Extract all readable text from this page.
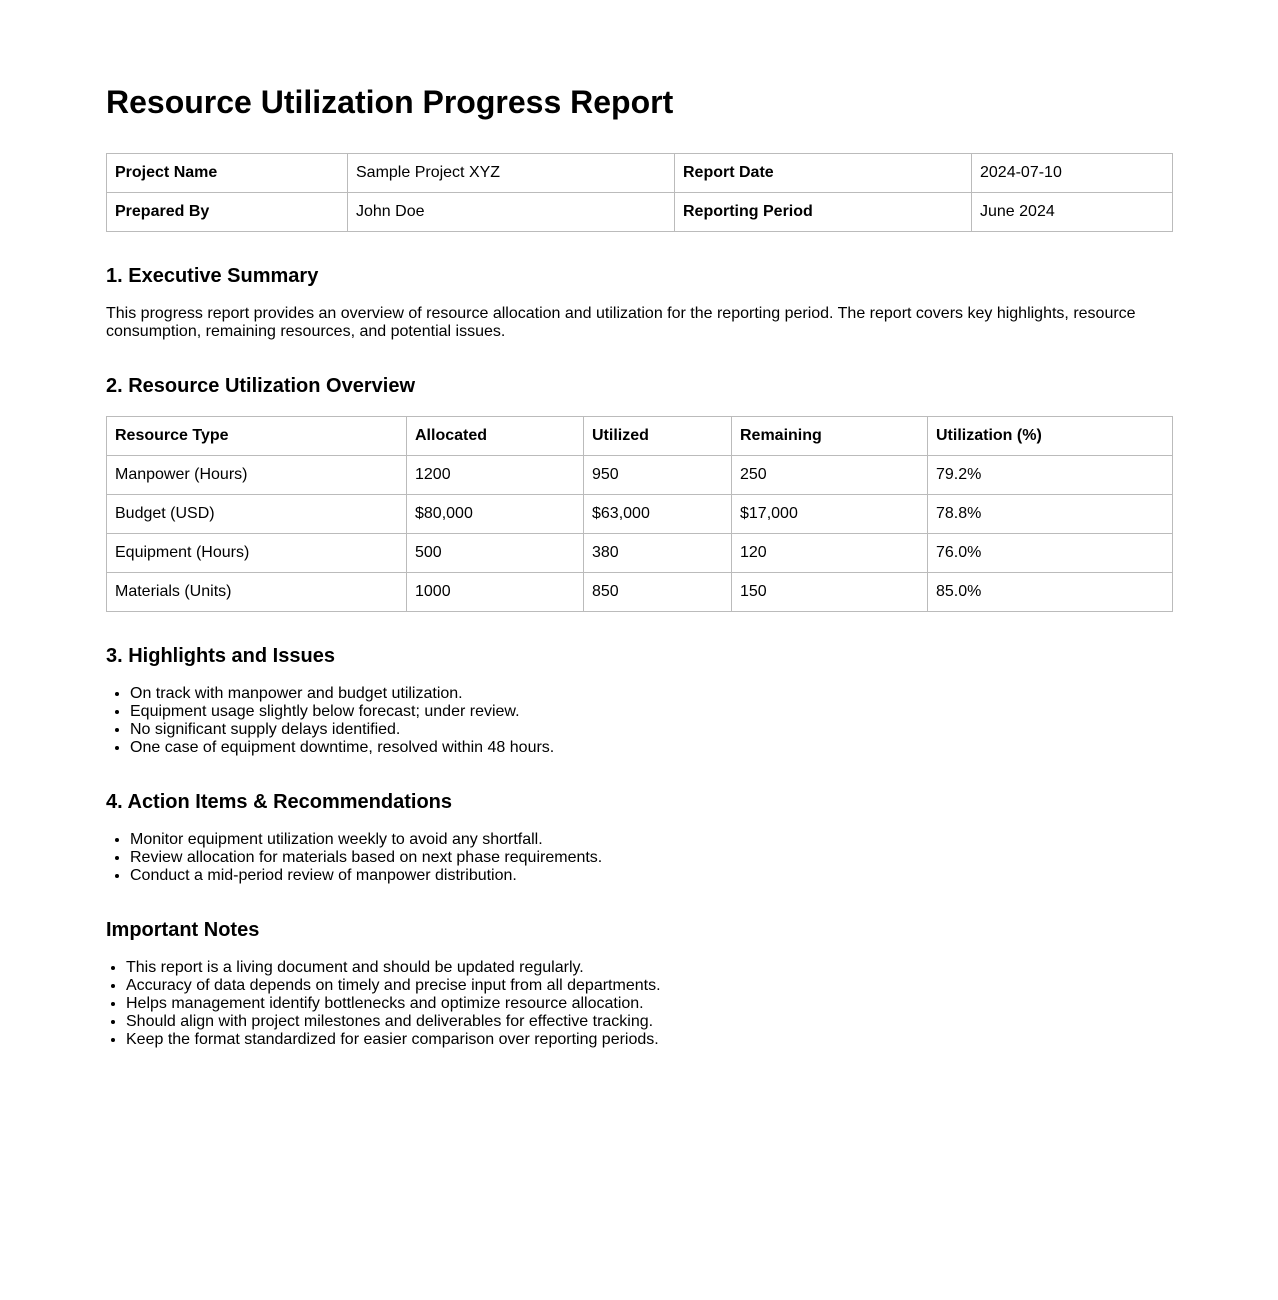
Resource Utilization Progress Report
Project Name	Sample Project XYZ	Report Date	2024-07-10
Prepared By	John Doe	Reporting Period	June 2024
1. Executive Summary

This progress report provides an overview of resource allocation and utilization for the reporting period. The report covers key highlights, resource consumption, remaining resources, and potential issues.

2. Resource Utilization Overview
Resource Type	Allocated	Utilized	Remaining	Utilization (%)
Manpower (Hours)	1200	950	250	79.2%
Budget (USD)	$80,000	$63,000	$17,000	78.8%
Equipment (Hours)	500	380	120	76.0%
Materials (Units)	1000	850	150	85.0%
3. Highlights and Issues
• On track with manpower and budget utilization.
• Equipment usage slightly below forecast; under review.
• No significant supply delays identified.
• One case of equipment downtime, resolved within 48 hours.
4. Action Items & Recommendations
• Monitor equipment utilization weekly to avoid any shortfall.
• Review allocation for materials based on next phase requirements.
• Conduct a mid-period review of manpower distribution.
Important Notes
• This report is a living document and should be updated regularly.
• Accuracy of data depends on timely and precise input from all departments.
• Helps management identify bottlenecks and optimize resource allocation.
• Should align with project milestones and deliverables for effective tracking.
• Keep the format standardized for easier comparison over reporting periods.
